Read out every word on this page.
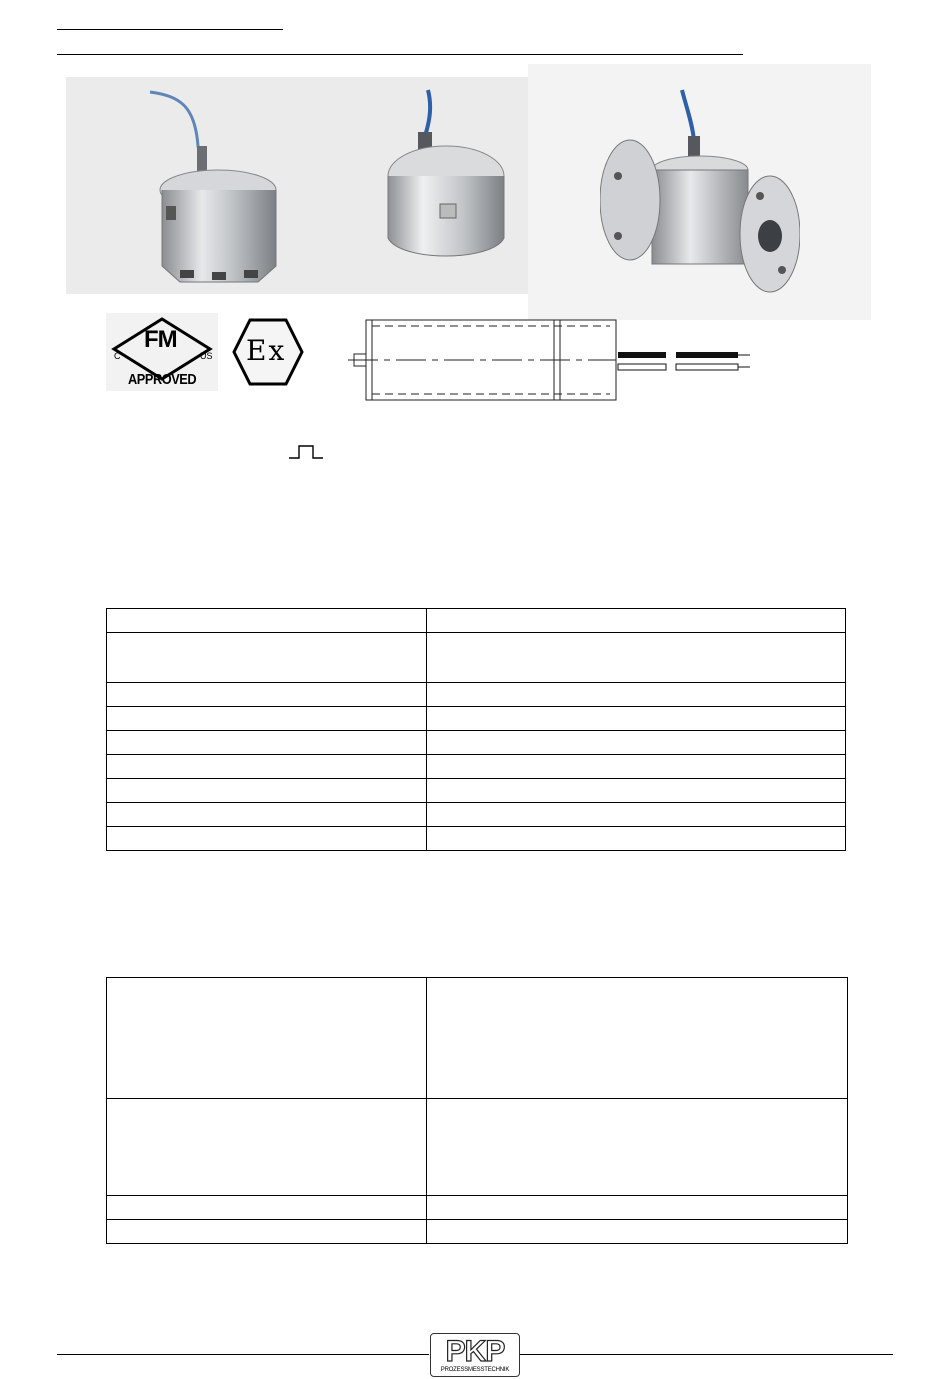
FM
C	US
APPROVED
Ex

PKP
PROZESSMESSTECHNIK
